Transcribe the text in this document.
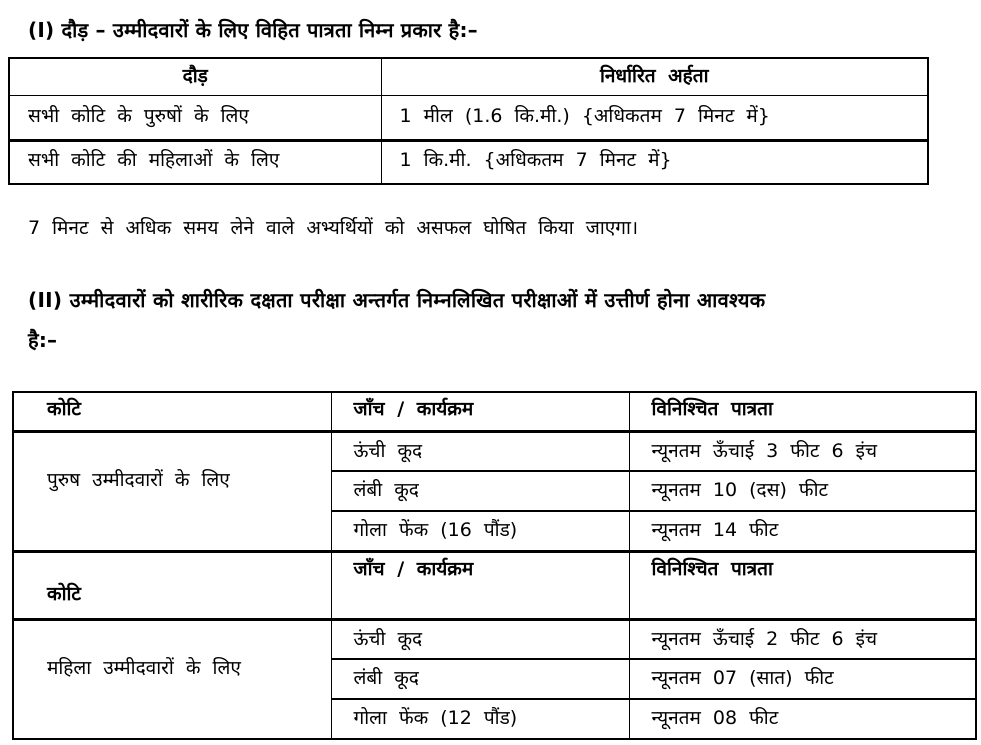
(I) दौड़ – उम्मीदवारों के लिए विहित पात्रता निम्न प्रकार है:–
दौड़	निर्धारित अर्हता
सभी कोटि के पुरुषों के लिए	1 मील (1.6 कि.मी.) {अधिकतम 7 मिनट में}
सभी कोटि की महिलाओं के लिए	1 कि.मी. {अधिकतम 7 मिनट में}
7 मिनट से अधिक समय लेने वाले अभ्यर्थियों को असफल घोषित किया जाएगा।
(II) उम्मीदवारों को शारीरिक दक्षता परीक्षा अन्तर्गत निम्नलिखित परीक्षाओं में उत्तीर्ण होना आवश्यक
है:–
कोटि	जाँच / कार्यक्रम	विनिश्चित पात्रता
पुरुष उम्मीदवारों के लिए	ऊंची कूद	न्यूनतम ऊँचाई 3 फीट 6 इंच
	लंबी कूद	न्यूनतम 10 (दस) फीट
	गोला फेंक (16 पौंड)	न्यूनतम 14 फीट
कोटि	जाँच / कार्यक्रम	विनिश्चित पात्रता
महिला उम्मीदवारों के लिए	ऊंची कूद	न्यूनतम ऊँचाई 2 फीट 6 इंच
	लंबी कूद	न्यूनतम 07 (सात) फीट
	गोला फेंक (12 पौंड)	न्यूनतम 08 फीट
